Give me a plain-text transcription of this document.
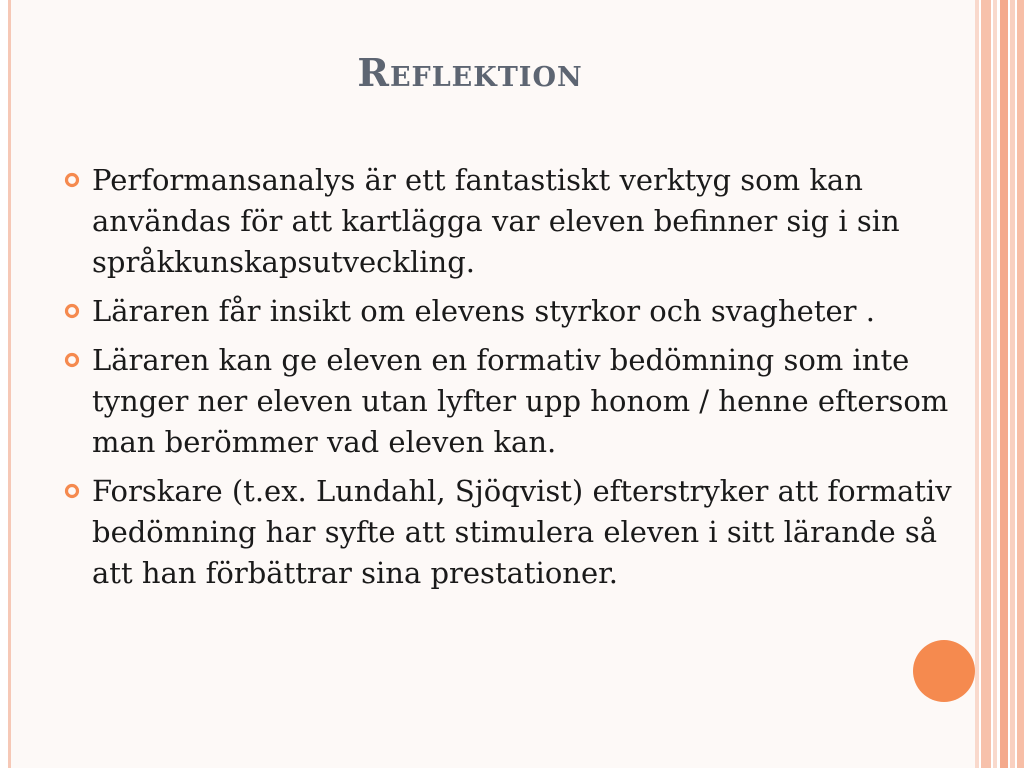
Reflektion
Performansanalys är ett fantastiskt verktyg som kan användas för att kartlägga var eleven befinner sig i sin språkkunskapsutveckling.
Läraren får insikt om elevens styrkor och svagheter .
Läraren kan ge eleven en formativ bedömning som inte tynger ner eleven utan lyfter upp honom / henne eftersom man berömmer vad eleven kan.
Forskare (t.ex. Lundahl, Sjöqvist) efterstryker att formativ bedömning har syfte att stimulera eleven i sitt lärande så att han förbättrar sina prestationer.
